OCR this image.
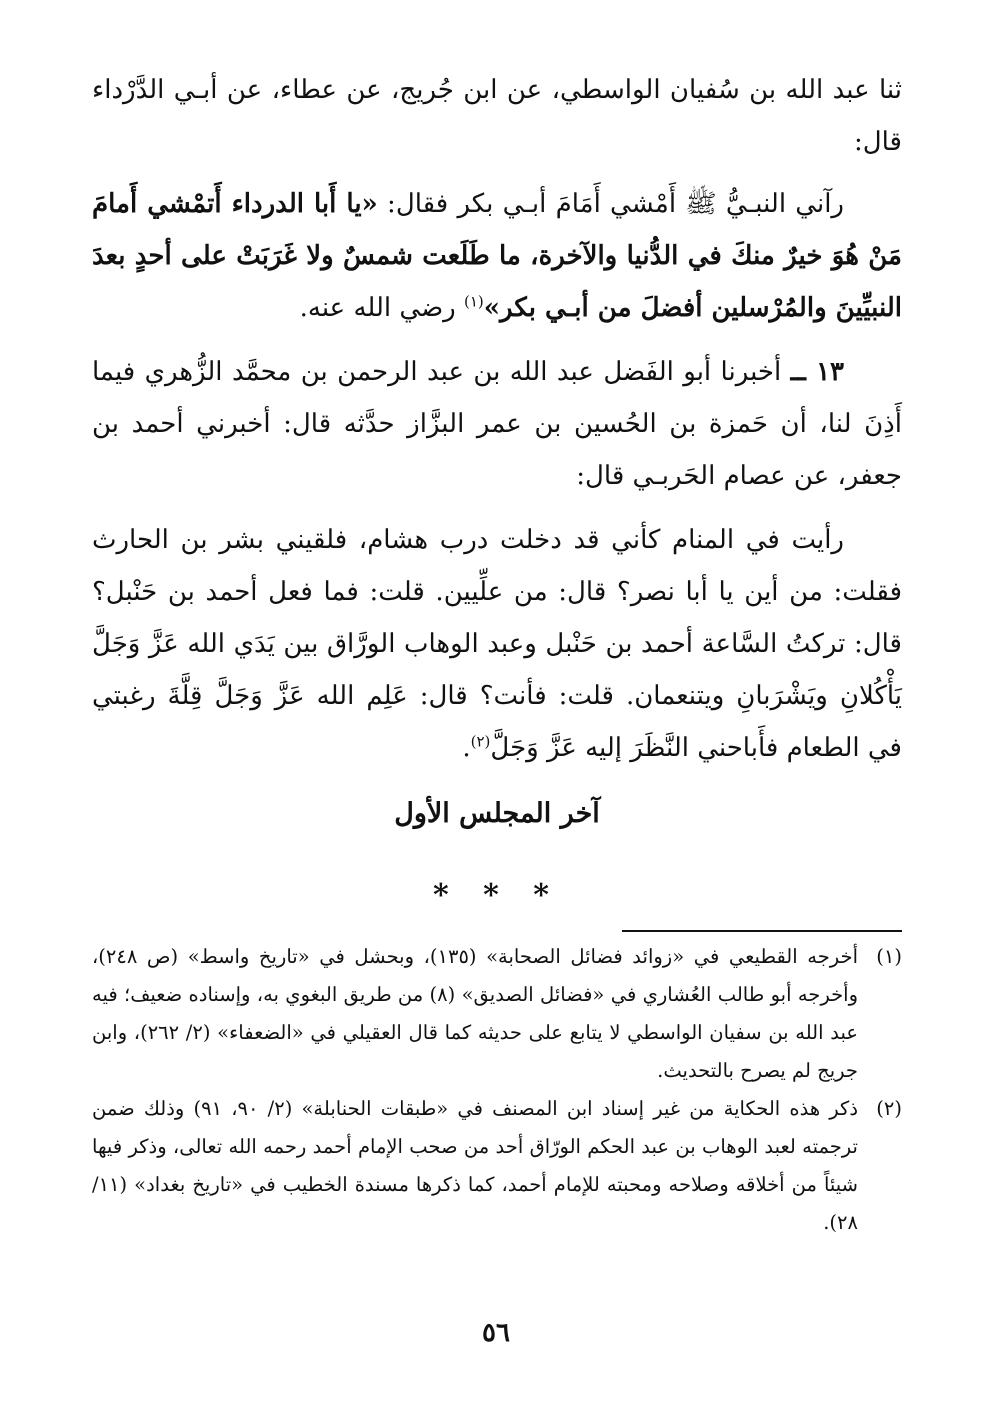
ثنا عبد الله بن سُفيان الواسطي، عن ابن جُريج، عن عطاء، عن أبـي الدَّرْداء قال:

رآني النبـيُّ ﷺ أَمْشي أَمَامَ أبـي بكر فقال: «يا أَبا الدرداء أَتمْشي أَمامَ مَنْ هُوَ خيرٌ منكَ في الدُّنيا والآخرة، ما طَلَعت شمسٌ ولا غَرَبَتْ على أحدٍ بعدَ النبيِّينَ والمُرْسلين أفضلَ من أبـي بكر»$^{(١)}$ رضي الله عنه.

١٣ ــ أخبرنا أبو الفَضل عبد الله بن عبد الرحمن بن محمَّد الزُّهري فيما أَذِنَ لنا، أن حَمزة بن الحُسين بن عمر البزَّاز حدَّثه قال: أخبرني أحمد بن جعفر، عن عصام الحَربـي قال:

رأيت في المنام كأني قد دخلت درب هشام، فلقيني بشر بن الحارث فقلت: من أين يا أبا نصر؟ قال: من علِّيين. قلت: فما فعل أحمد بن حَنْبل؟ قال: تركتُ السَّاعة أحمد بن حَنْبل وعبد الوهاب الورَّاق بين يَدَي الله عَزَّ وَجَلَّ يَأْكُلانِ ويَشْرَبانِ ويتنعمان. قلت: فأنت؟ قال: عَلِم الله عَزَّ وَجَلَّ قِلَّةَ رغبتي في الطعام فأَباحني النَّظَرَ إليه عَزَّ وَجَلَّ$^{(٢)}$.

آخر المجلس الأول
* * *
(١)
أخرجه القطيعي في «زوائد فضائل الصحابة» (١٣٥)، وبحشل في «تاريخ واسط» (ص ٢٤٨)، وأخرجه أبو طالب العُشاري في «فضائل الصديق» (٨) من طريق البغوي به، وإسناده ضعيف؛ فيه عبد الله بن سفيان الواسطي لا يتابع على حديثه كما قال العقيلي في «الضعفاء» (٢/ ٢٦٢)، وابن جريج لم يصرح بالتحديث.
(٢)
ذكر هذه الحكاية من غير إسناد ابن المصنف في «طبقات الحنابلة» (٢/ ٩٠، ٩١) وذلك ضمن ترجمته لعبد الوهاب بن عبد الحكم الورّاق أحد من صحب الإمام أحمد رحمه الله تعالى، وذكر فيها شيئاً من أخلاقه وصلاحه ومحبته للإمام أحمد، كما ذكرها مسندة الخطيب في «تاريخ بغداد» (١١/ ٢٨).
٥٦
